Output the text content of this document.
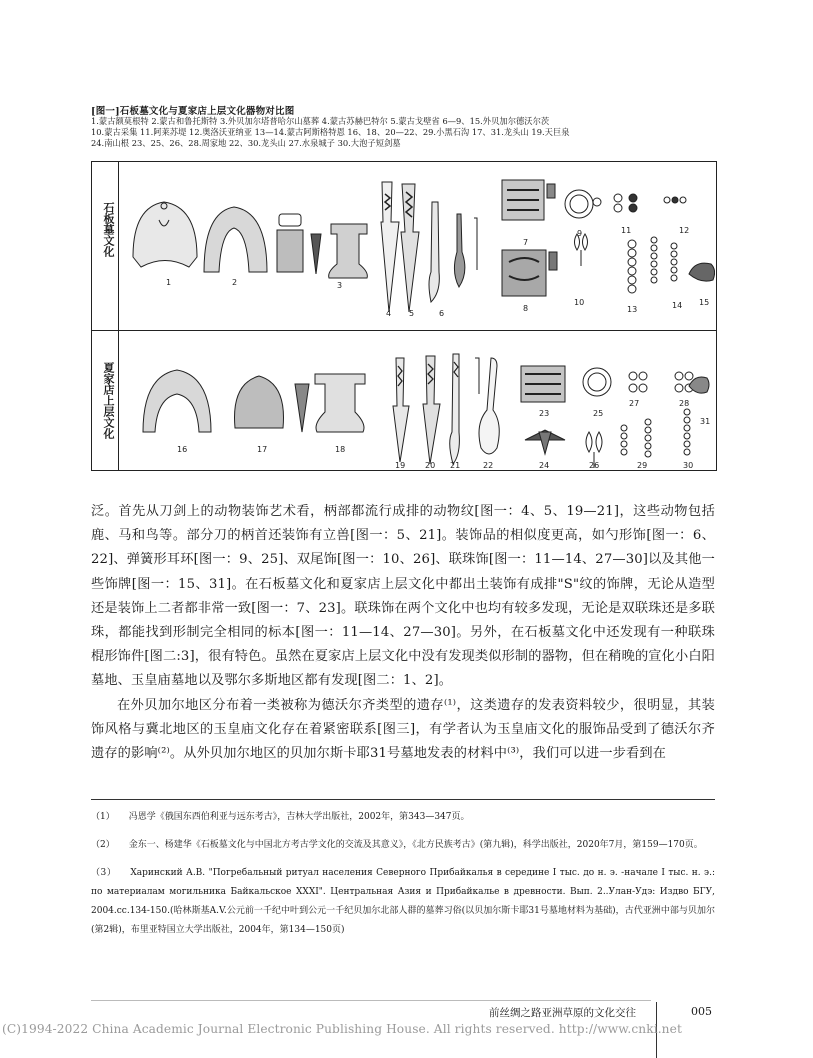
[图一]石板墓文化与夏家店上层文化器物对比图
1.蒙古额莫根特 2.蒙古和鲁托斯特 3.外贝加尔塔普哈尔山墓葬 4.蒙古苏赫巴特尔 5.蒙古戈壁省 6—9、15.外贝加尔德沃尔茨
10.蒙古采集 11.阿莱苏堤 12.奥洛沃亚纳亚 13—14.蒙古阿斯格特恩 16、18、20—22、29.小黑石沟 17、31.龙头山 19.天巨泉
24.南山根 23、25、26、28.周家地 22、30.龙头山 27.水泉城子 30.大泡子短剑墓
石板墓文化
夏家店上层文化
1	2	3
4 5	6
7
8
9
10
11	12
13	14 15
16	17	18
19 20 21	22
23
24
25
26
27	28
29	30
31

泛。首先从刀剑上的动物装饰艺术看，柄部都流行成排的动物纹[图一：4、5、19—21]，这些动物包括鹿、马和鸟等。部分刀的柄首还装饰有立兽[图一：5、21]。装饰品的相似度更高，如勺形饰[图一：6、22]、弹簧形耳环[图一：9、25]、双尾饰[图一：10、26]、联珠饰[图一：11—14、27—30]以及其他一些饰牌[图一：15、31]。在石板墓文化和夏家店上层文化中都出土装饰有成排"S"纹的饰牌，无论从造型还是装饰上二者都非常一致[图一：7、23]。联珠饰在两个文化中也均有较多发现，无论是双联珠还是多联珠，都能找到形制完全相同的标本[图一：11—14、27—30]。另外，在石板墓文化中还发现有一种联珠棍形饰件[图二:3]，很有特色。虽然在夏家店上层文化中没有发现类似形制的器物，但在稍晚的宣化小白阳墓地、玉皇庙墓地以及鄂尔多斯地区都有发现[图二：1、2]。

在外贝加尔地区分布着一类被称为德沃尔齐类型的遗存⁽¹⁾，这类遗存的发表资料较少，很明显，其装饰风格与冀北地区的玉皇庙文化存在着紧密联系[图三]，有学者认为玉皇庙文化的服饰品受到了德沃尔齐遗存的影响⁽²⁾。从外贝加尔地区的贝加尔斯卡耶31号墓地发表的材料中⁽³⁾，我们可以进一步看到在

（1） 冯恩学《俄国东西伯利亚与远东考古》，吉林大学出版社，2002年，第343—347页。
（2） 金东一、杨建华《石板墓文化与中国北方考古学文化的交流及其意义》，《北方民族考古》(第九辑)，科学出版社，2020年7月，第159—170页。
（3） Харинский А.В. "Погребальный ритуал населения Северного Прибайкалья в середине I тыс. до н. э. -начале I тыс. н. э.: по материалам могильника Байкальское XXXI". Центральная Азия и Прибайкалье в древности. Вып. 2..Улан-Удэ: Издво БГУ, 2004.cc.134-150.(哈林斯基A.V.公元前一千纪中叶到公元一千纪贝加尔北部人群的墓葬习俗(以贝加尔斯卡耶31号墓地材料为基础)，古代亚洲中部与贝加尔(第2辑)，布里亚特国立大学出版社，2004年，第134—150页)
前丝绸之路亚洲草原的文化交往	005
(C)1994-2022 China Academic Journal Electronic Publishing House. All rights reserved. http://www.cnki.net
